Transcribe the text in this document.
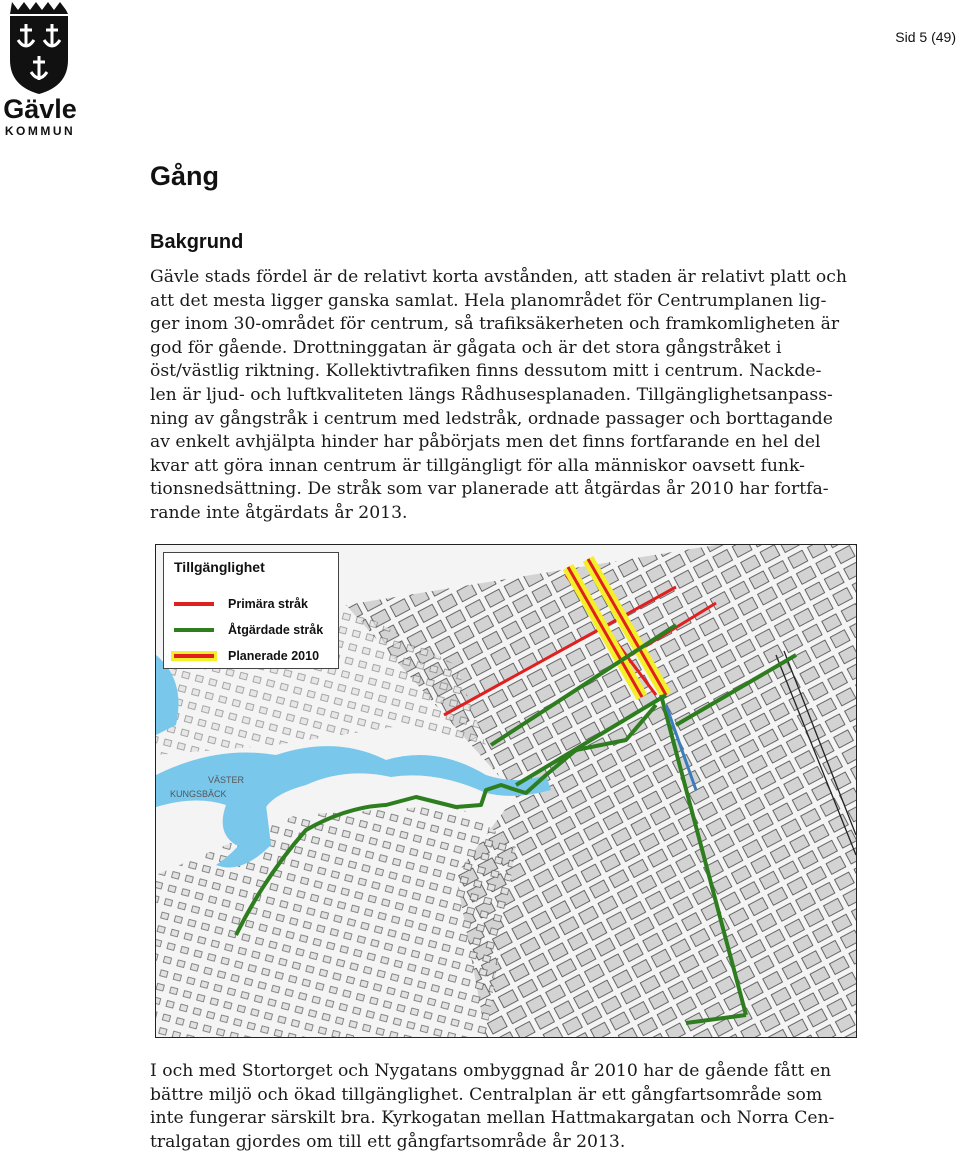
Gävle
KOMMUN
Sid 5 (49)
Gång
Bakgrund
Gävle stads fördel är de relativt korta avstånden, att staden är relativt platt och
att det mesta ligger ganska samlat. Hela planområdet för Centrumplanen lig-
ger inom 30-området för centrum, så trafiksäkerheten och framkomligheten är
god för gående. Drottninggatan är gågata och är det stora gångstråket i
öst/västlig riktning. Kollektivtrafiken finns dessutom mitt i centrum. Nackde-
len är ljud- och luftkvaliteten längs Rådhusesplanaden. Tillgänglighetsanpass-
ning av gångstråk i centrum med ledstråk, ordnade passager och borttagande
av enkelt avhjälpta hinder har påbörjats men det finns fortfarande en hel del
kvar att göra innan centrum är tillgängligt för alla människor oavsett funk-
tionsnedsättning. De stråk som var planerade att åtgärdas år 2010 har fortfa-
rande inte åtgärdats år 2013.
VÄSTER
KUNGSBÄCK
Tillgänglighet
Primära stråk
Åtgärdade stråk
Planerade 2010
I och med Stortorget och Nygatans ombyggnad år 2010 har de gående fått en
bättre miljö och ökad tillgänglighet. Centralplan är ett gångfartsområde som
inte fungerar särskilt bra. Kyrkogatan mellan Hattmakargatan och Norra Cen-
tralgatan gjordes om till ett gångfartsområde år 2013.
